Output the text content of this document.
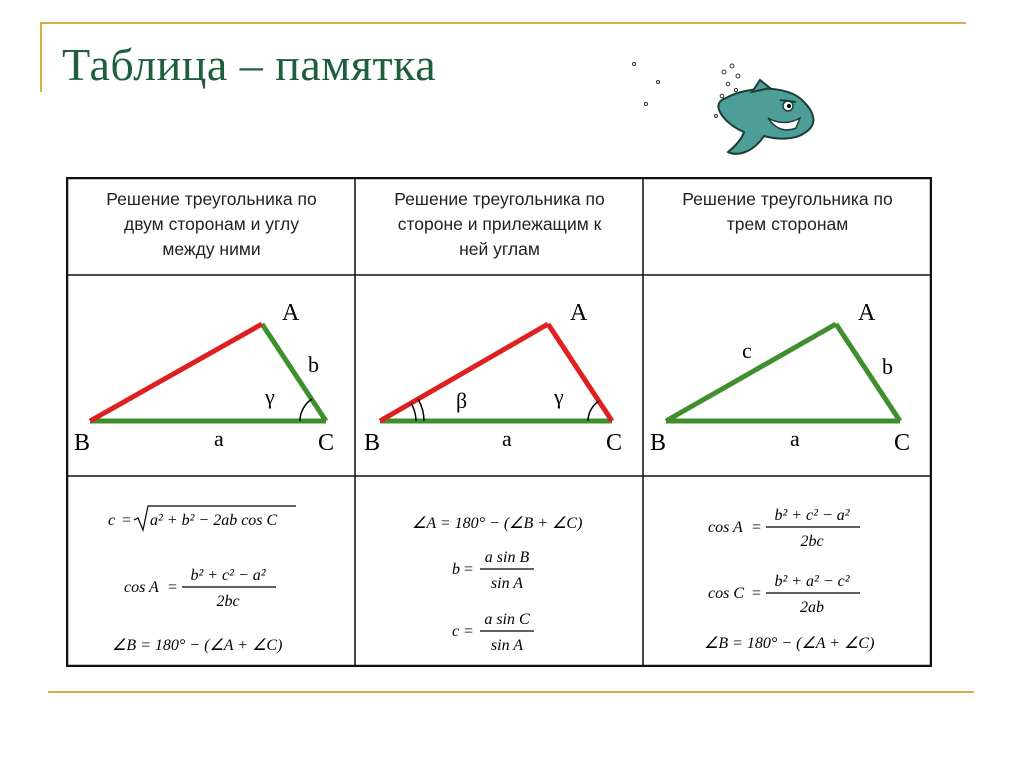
Таблица – памятка
Решение треугольника по
двум сторонам и углу
между ними
Решение треугольника по
стороне и прилежащим к
ней углам
Решение треугольника по
трем сторонам
A
B	C
a
b
γ
A
B	C
a
β	γ
A
B	C
a
b
c
c = a² + b² − 2ab cos C
cos A =
b² + c² − a²
2bc
∠B = 180° − (∠A + ∠C)
∠A = 180° − (∠B + ∠C)
b =
a sin B
sin A
c =
a sin C
sin A
cos A =
b² + c² − a²
2bc
cos C =
b² + a² − c²
2ab
∠B = 180° − (∠A + ∠C)
